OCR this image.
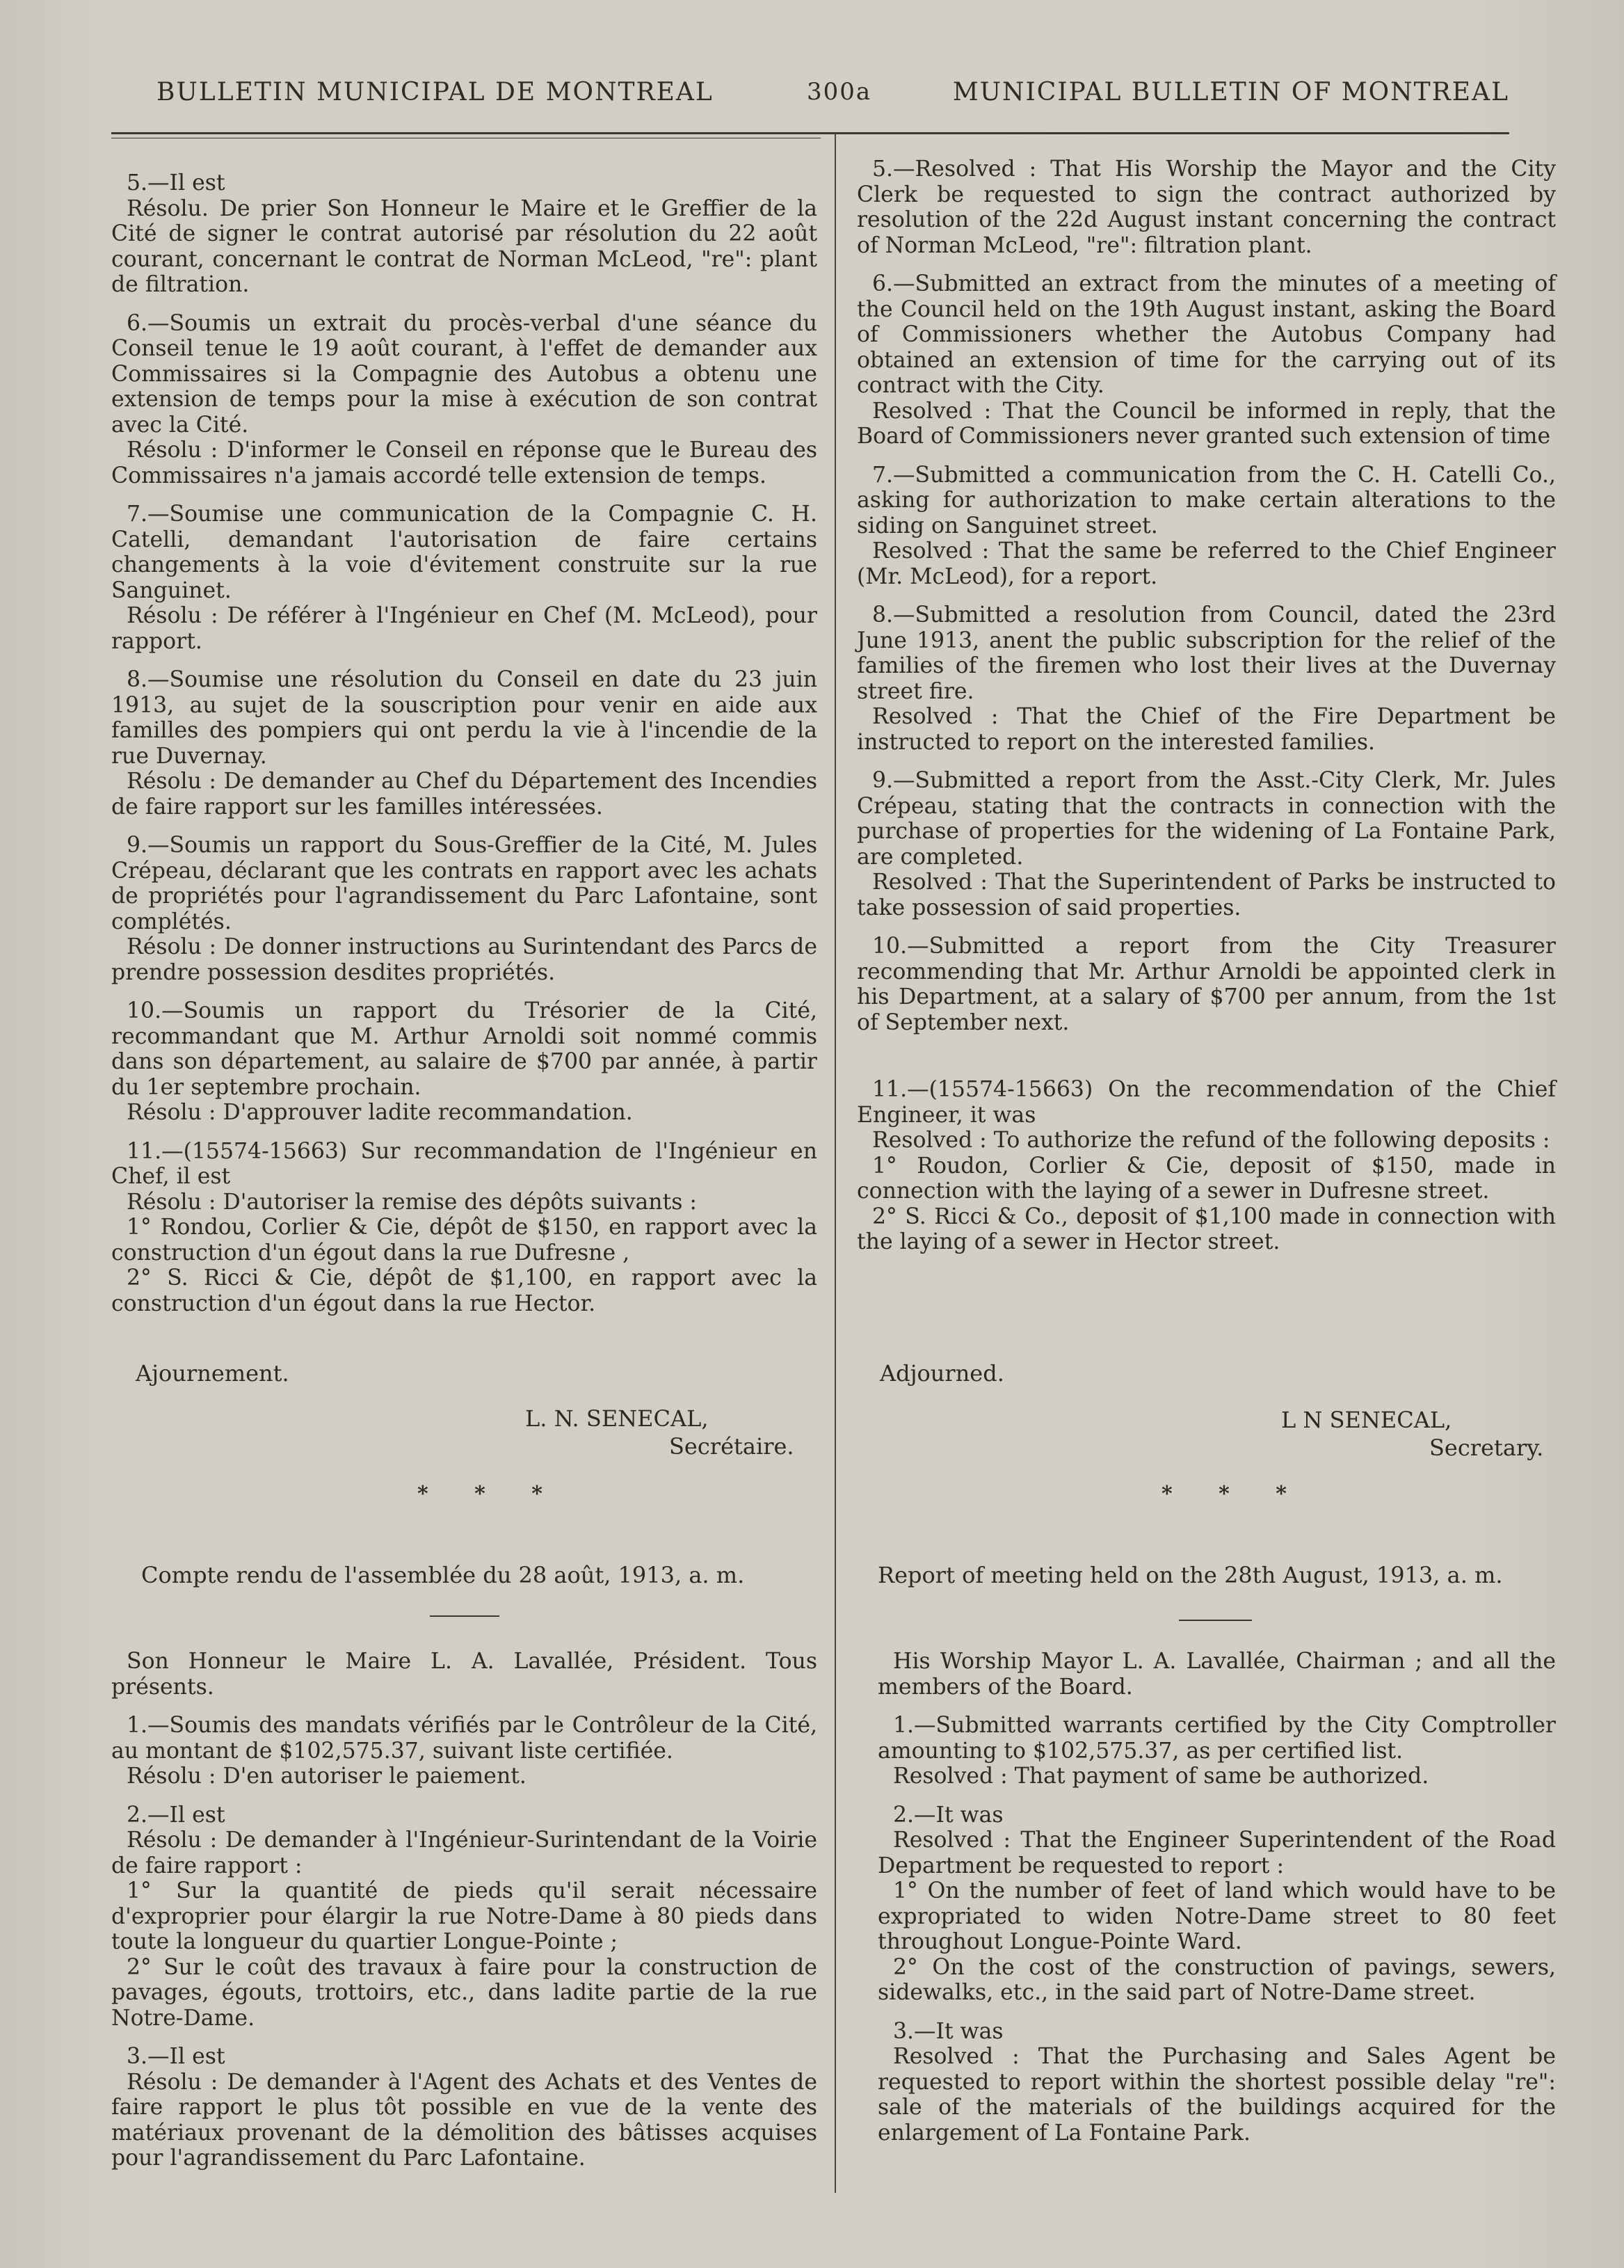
BULLETIN MUNICIPAL DE MONTREAL	300a	MUNICIPAL BULLETIN OF MONTREAL

5.—Il est

Résolu. De prier Son Honneur le Maire et le Greffier de la Cité de signer le contrat autorisé par résolution du 22 août courant, concernant le contrat de Norman McLeod, "re": plant de filtration.

6.—Soumis un extrait du procès-verbal d'une séance du Conseil tenue le 19 août courant, à l'effet de demander aux Commissaires si la Compagnie des Autobus a obtenu une extension de temps pour la mise à exécution de son contrat avec la Cité.

Résolu : D'informer le Conseil en réponse que le Bureau des Commissaires n'a jamais accordé telle extension de temps.

7.—Soumise une communication de la Compagnie C. H. Catelli, demandant l'autorisation de faire certains changements à la voie d'évitement construite sur la rue Sanguinet.

Résolu : De référer à l'Ingénieur en Chef (M. McLeod), pour rapport.

8.—Soumise une résolution du Conseil en date du 23 juin 1913, au sujet de la souscription pour venir en aide aux familles des pompiers qui ont perdu la vie à l'incendie de la rue Duvernay.

Résolu : De demander au Chef du Département des Incendies de faire rapport sur les familles intéressées.

9.—Soumis un rapport du Sous-Greffier de la Cité, M. Jules Crépeau, déclarant que les contrats en rapport avec les achats de propriétés pour l'agrandissement du Parc Lafontaine, sont complétés.

Résolu : De donner instructions au Surintendant des Parcs de prendre possession desdites propriétés.

10.—Soumis un rapport du Trésorier de la Cité, recommandant que M. Arthur Arnoldi soit nommé commis dans son département, au salaire de $700 par année, à partir du 1er septembre prochain.

Résolu : D'approuver ladite recommandation.

11.—(15574-15663) Sur recommandation de l'Ingénieur en Chef, il est

Résolu : D'autoriser la remise des dépôts suivants :

1° Rondou, Corlier & Cie, dépôt de $150, en rapport avec la construction d'un égout dans la rue Dufresne ,

2° S. Ricci & Cie, dépôt de $1,100, en rapport avec la construction d'un égout dans la rue Hector.

Ajournement.
L. N. SENECAL,
Secrétaire.
* * *

5.—Resolved : That His Worship the Mayor and the City Clerk be requested to sign the contract authorized by resolution of the 22d August instant concerning the contract of Norman McLeod, "re": filtration plant.

6.—Submitted an extract from the minutes of a meeting of the Council held on the 19th August instant, asking the Board of Commissioners whether the Autobus Company had obtained an extension of time for the carrying out of its contract with the City.

Resolved : That the Council be informed in reply, that the Board of Commissioners never granted such extension of time

7.—Submitted a communication from the C. H. Catelli Co., asking for authorization to make certain alterations to the siding on Sanguinet street.

Resolved : That the same be referred to the Chief Engineer (Mr. McLeod), for a report.

8.—Submitted a resolution from Council, dated the 23rd June 1913, anent the public subscription for the relief of the families of the firemen who lost their lives at the Duvernay street fire.

Resolved : That the Chief of the Fire Department be instructed to report on the interested families.

9.—Submitted a report from the Asst.-City Clerk, Mr. Jules Crépeau, stating that the contracts in connection with the purchase of properties for the widening of La Fontaine Park, are completed.

Resolved : That the Superintendent of Parks be instructed to take possession of said properties.

10.—Submitted a report from the City Treasurer recommending that Mr. Arthur Arnoldi be appointed clerk in his Department, at a salary of $700 per annum, from the 1st of September next.

11.—(15574-15663) On the recommendation of the Chief Engineer, it was

Resolved : To authorize the refund of the following deposits :

1° Roudon, Corlier & Cie, deposit of $150, made in connection with the laying of a sewer in Dufresne street.

2° S. Ricci & Co., deposit of $1,100 made in connection with the laying of a sewer in Hector street.

Adjourned.
L N SENECAL,
Secretary.
* * *
Compte rendu de l'assemblée du 28 août, 1913, a. m.

Son Honneur le Maire L. A. Lavallée, Président. Tous présents.

1.—Soumis des mandats vérifiés par le Contrôleur de la Cité, au montant de $102,575.37, suivant liste certifiée.

Résolu : D'en autoriser le paiement.

2.—Il est

Résolu : De demander à l'Ingénieur-Surintendant de la Voirie de faire rapport :

1° Sur la quantité de pieds qu'il serait nécessaire d'exproprier pour élargir la rue Notre-Dame à 80 pieds dans toute la longueur du quartier Longue-Pointe ;

2° Sur le coût des travaux à faire pour la construction de pavages, égouts, trottoirs, etc., dans ladite partie de la rue Notre-Dame.

3.—Il est

Résolu : De demander à l'Agent des Achats et des Ventes de faire rapport le plus tôt possible en vue de la vente des matériaux provenant de la démolition des bâtisses acquises pour l'agrandissement du Parc Lafontaine.

Report of meeting held on the 28th August, 1913, a. m.

His Worship Mayor L. A. Lavallée, Chairman ; and all the members of the Board.

1.—Submitted warrants certified by the City Comptroller amounting to $102,575.37, as per certified list.

Resolved : That payment of same be authorized.

2.—It was

Resolved : That the Engineer Superintendent of the Road Department be requested to report :

1° On the number of feet of land which would have to be expropriated to widen Notre-Dame street to 80 feet throughout Longue-Pointe Ward.

2° On the cost of the construction of pavings, sewers, sidewalks, etc., in the said part of Notre-Dame street.

3.—It was

Resolved : That the Purchasing and Sales Agent be requested to report within the shortest possible delay "re": sale of the materials of the buildings acquired for the enlargement of La Fontaine Park.
